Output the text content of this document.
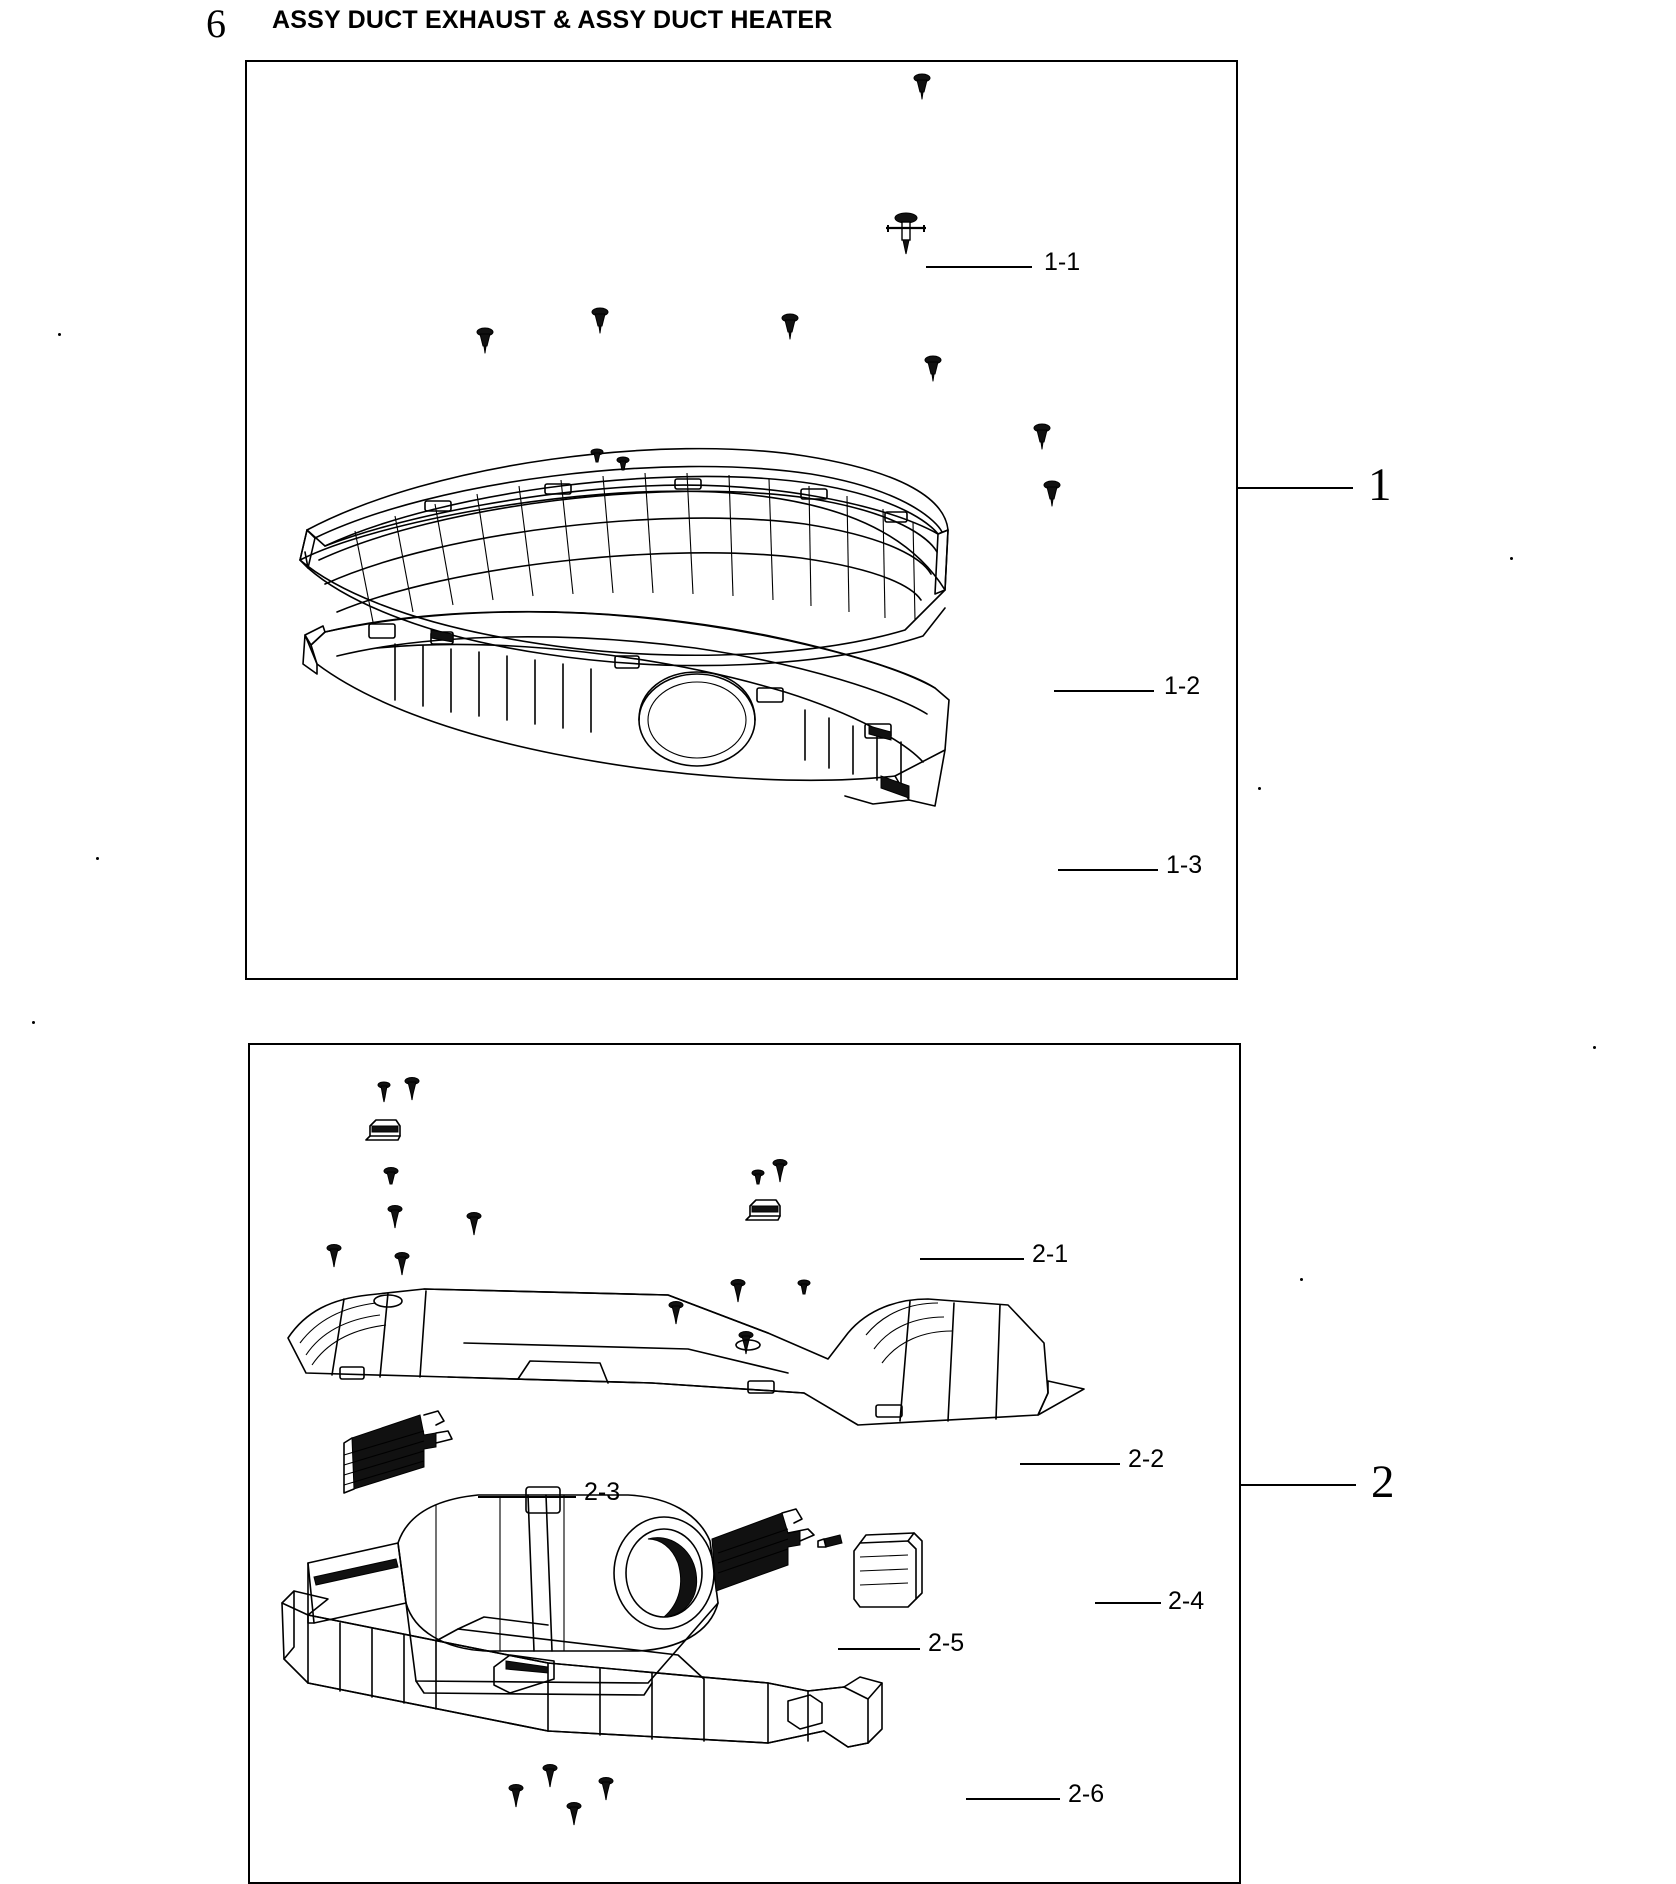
6 ASSY DUCT EXHAUST & ASSY DUCT HEATER
1-1
1-2
1-3
1
2-1
2-2
2-3
2-4
2-5
2-6
2
